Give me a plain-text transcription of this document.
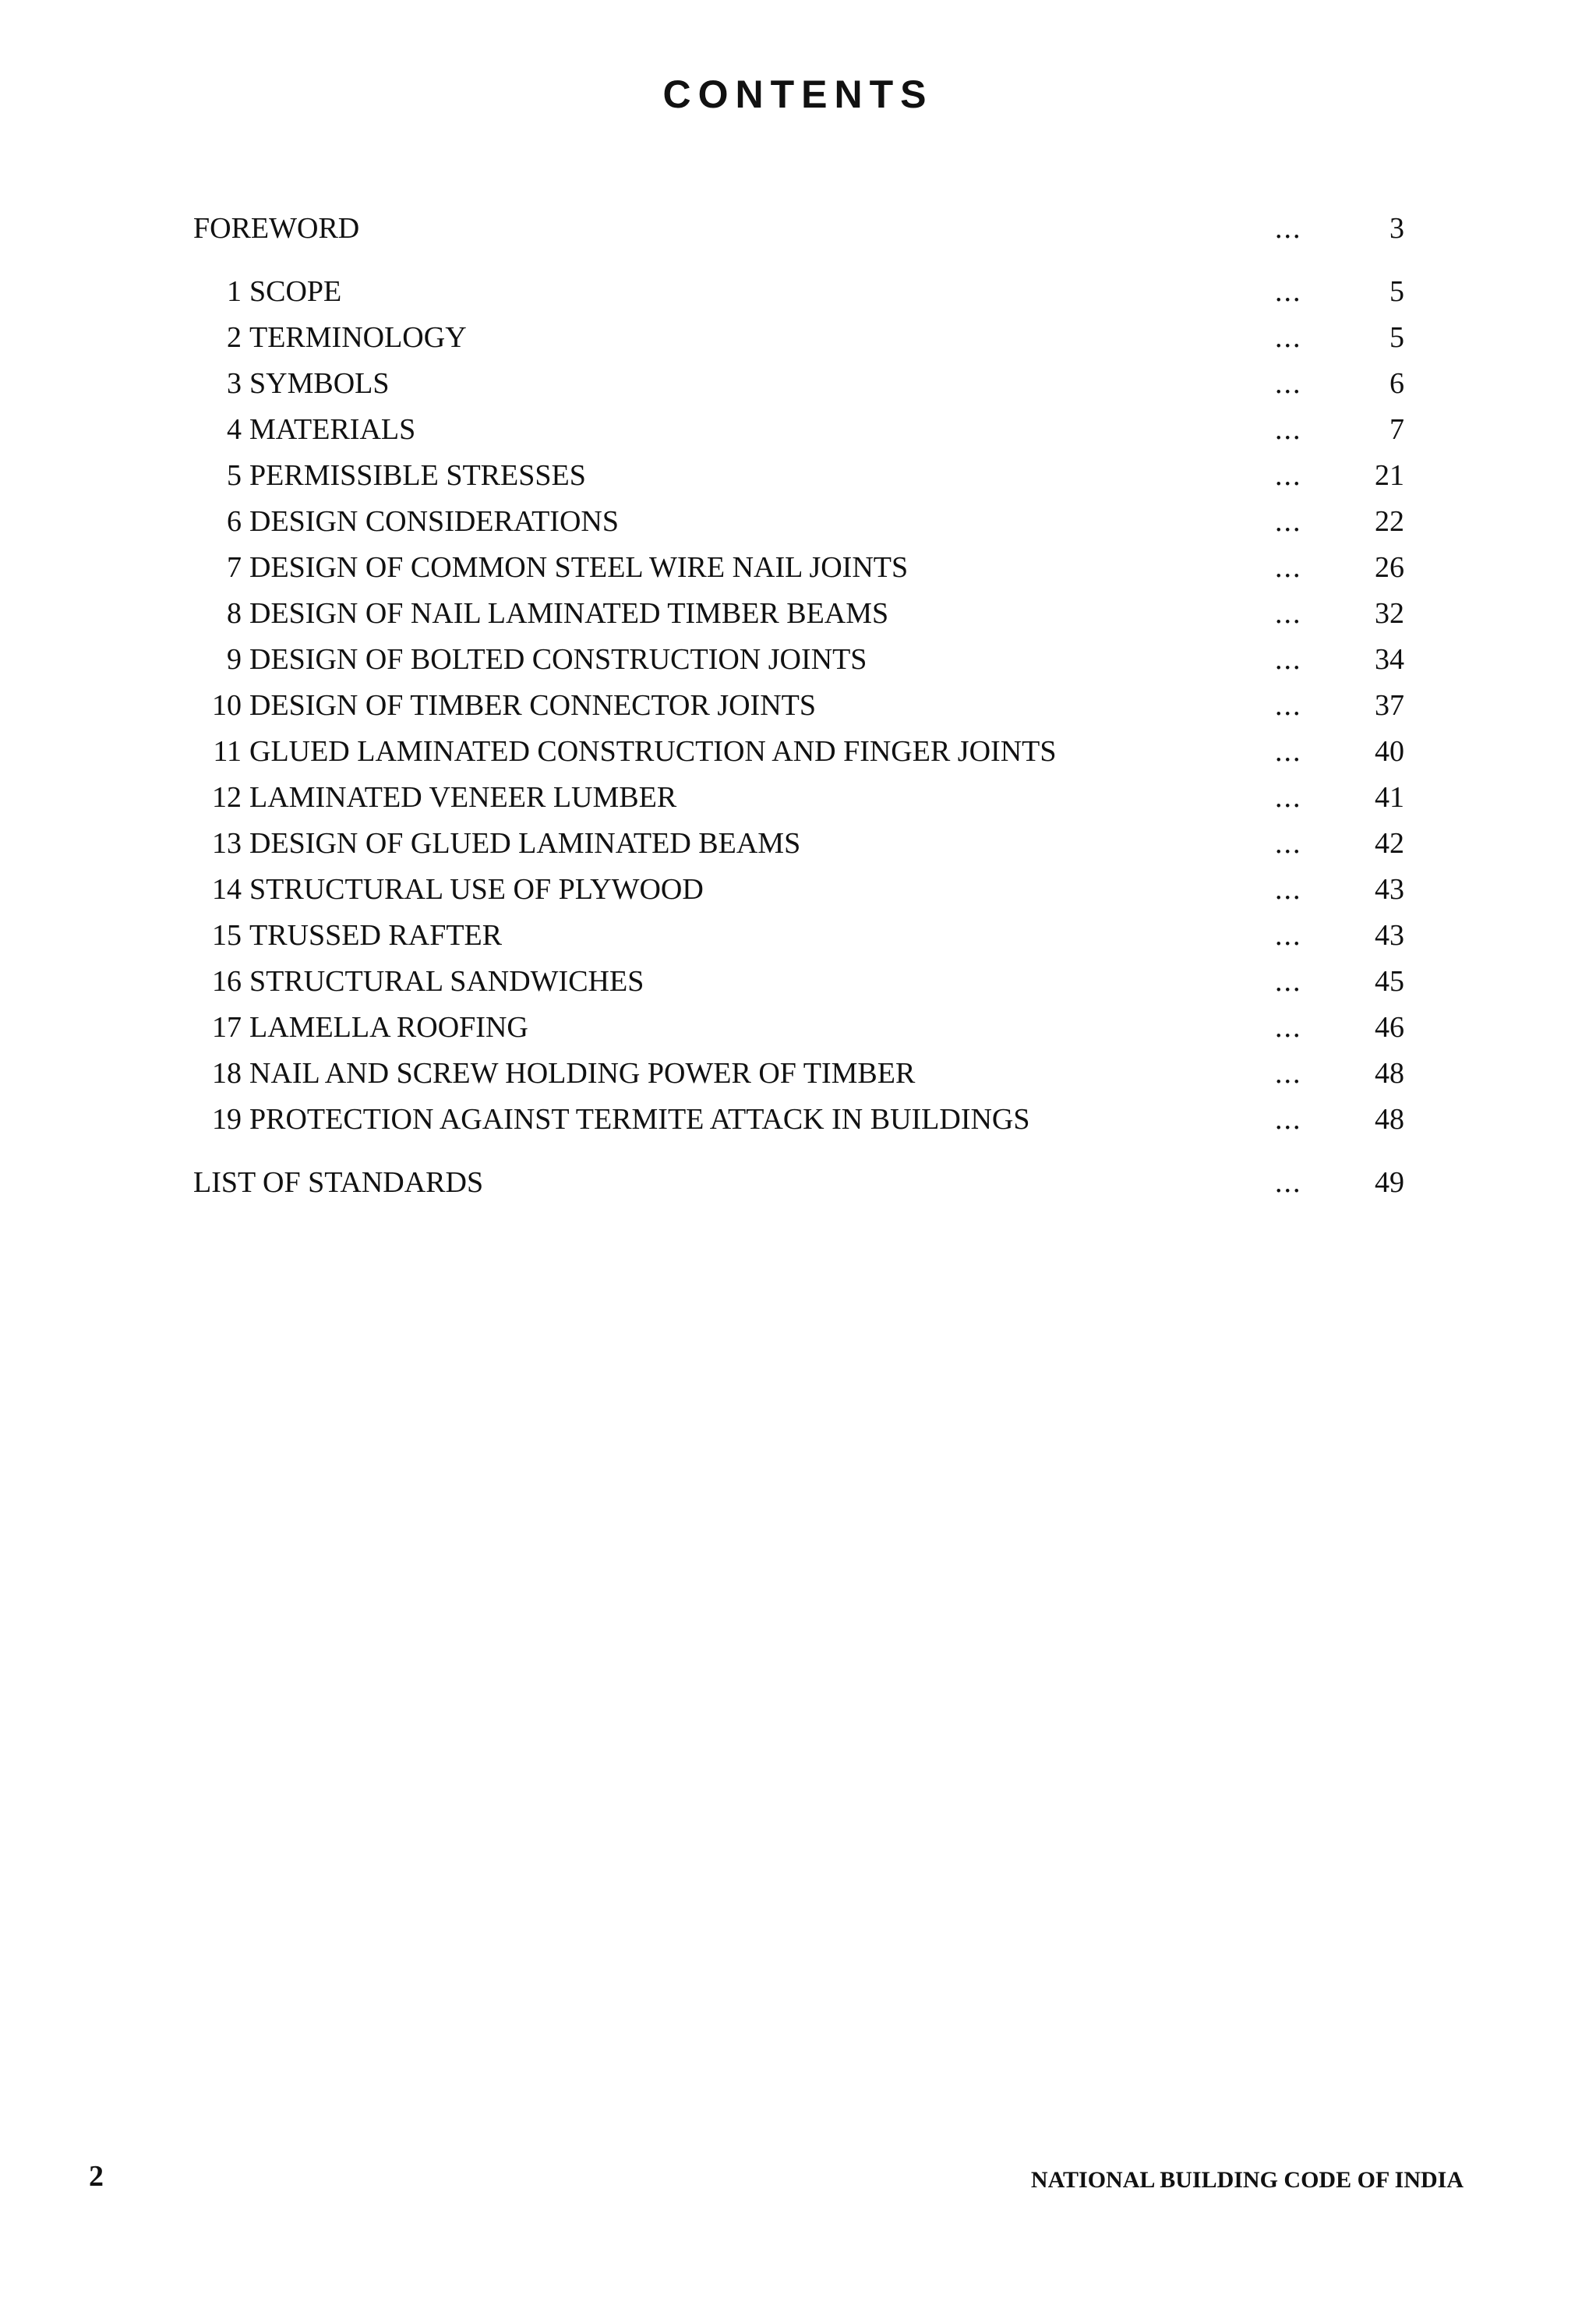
CONTENTS
FOREWORD	...	3
1 SCOPE	...	5
2 TERMINOLOGY	...	5
3 SYMBOLS	...	6
4 MATERIALS	...	7
5 PERMISSIBLE STRESSES	...	21
6 DESIGN CONSIDERATIONS	...	22
7 DESIGN OF COMMON STEEL WIRE NAIL JOINTS	...	26
8 DESIGN OF NAIL LAMINATED TIMBER BEAMS	...	32
9 DESIGN OF BOLTED CONSTRUCTION JOINTS	...	34
10 DESIGN OF TIMBER CONNECTOR JOINTS	...	37
11 GLUED LAMINATED CONSTRUCTION AND FINGER JOINTS	...	40
12 LAMINATED VENEER LUMBER	...	41
13 DESIGN OF GLUED LAMINATED BEAMS	...	42
14 STRUCTURAL USE OF PLYWOOD	...	43
15 TRUSSED RAFTER	...	43
16 STRUCTURAL SANDWICHES	...	45
17 LAMELLA ROOFING	...	46
18 NAIL AND SCREW HOLDING POWER OF TIMBER	...	48
19 PROTECTION AGAINST TERMITE ATTACK IN BUILDINGS	...	48
LIST OF STANDARDS	...	49
2	NATIONAL BUILDING CODE OF INDIA
